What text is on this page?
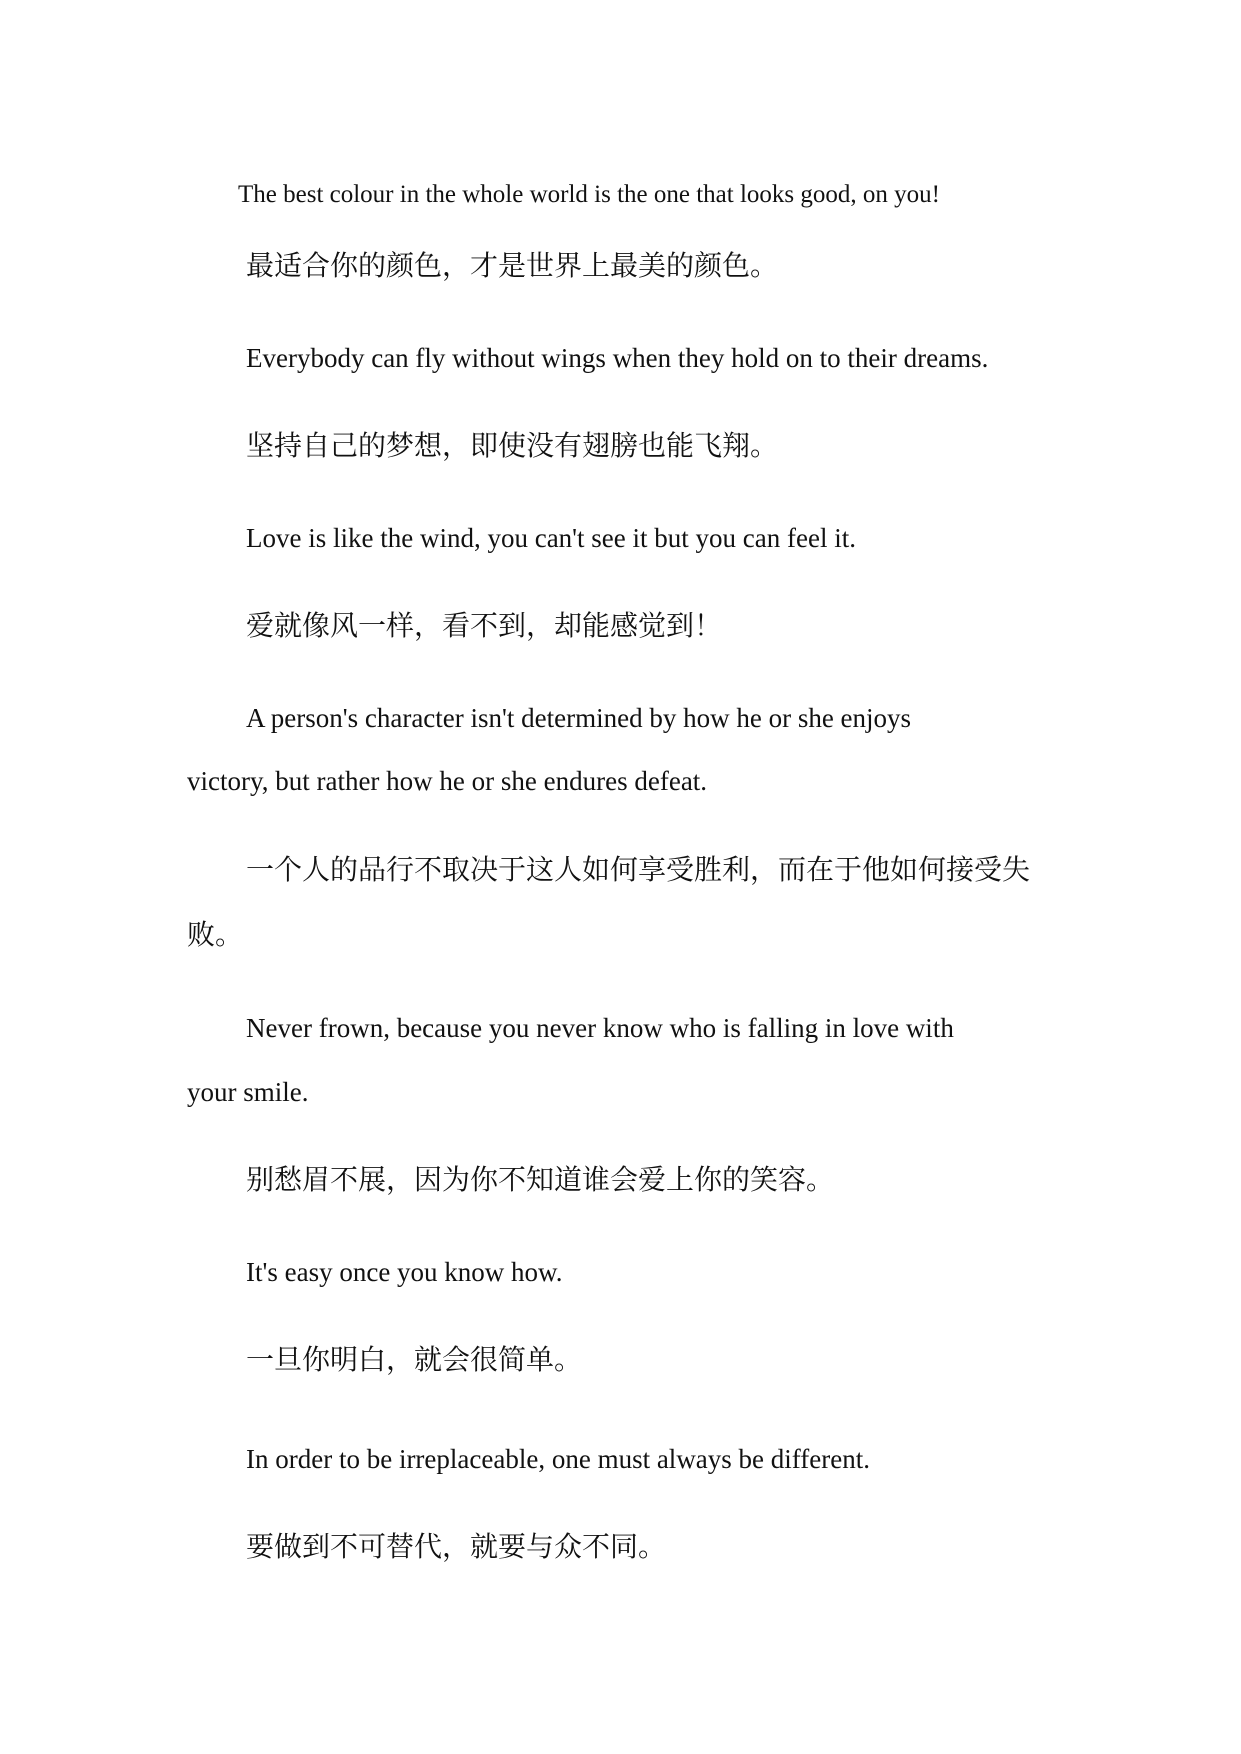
The best colour in the whole world is the one that looks good, on you!

最适合你的颜色，才是世界上最美的颜色。

Everybody can fly without wings when they hold on to their dreams.

坚持自己的梦想，即使没有翅膀也能飞翔。

Love is like the wind, you can't see it but you can feel it.

爱就像风一样，看不到，却能感觉到！

A person's character isn't determined by how he or she enjoys

victory, but rather how he or she endures defeat.

一个人的品行不取决于这人如何享受胜利，而在于他如何接受失

败。

Never frown, because you never know who is falling in love with

your smile.

别愁眉不展，因为你不知道谁会爱上你的笑容。

It's easy once you know how.

一旦你明白，就会很简单。

In order to be irreplaceable, one must always be different.

要做到不可替代，就要与众不同。
